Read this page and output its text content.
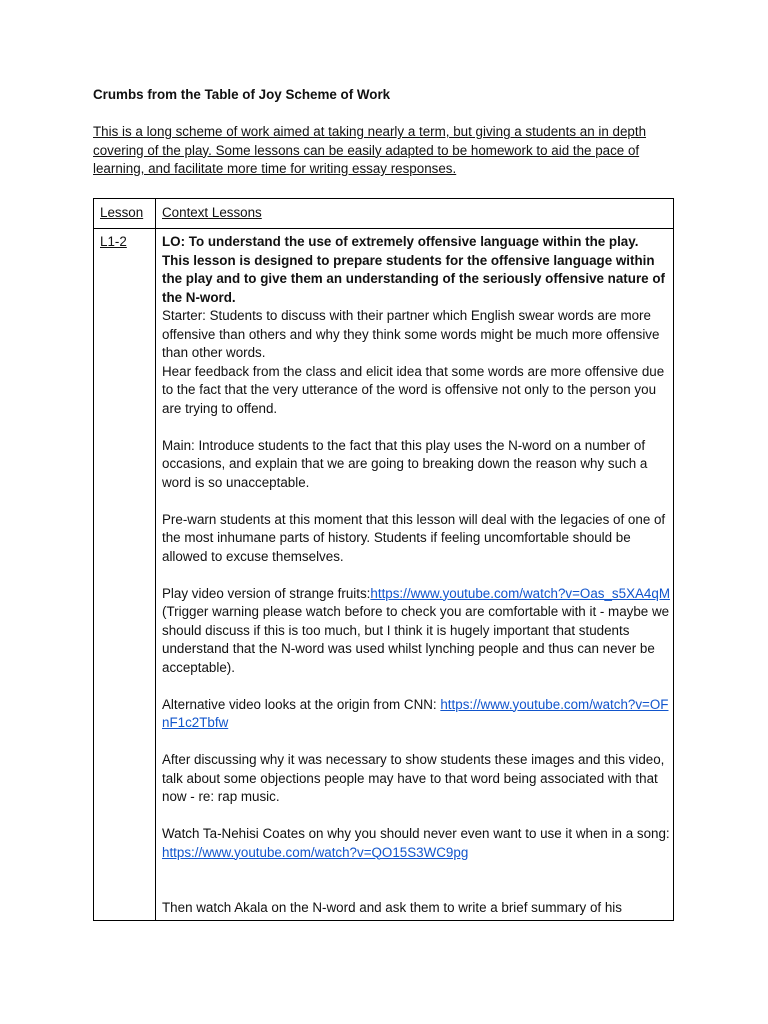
Crumbs from the Table of Joy Scheme of Work

This is a long scheme of work aimed at taking nearly a term, but giving a students an in depth covering of the play. Some lessons can be easily adapted to be homework to aid the pace of learning, and facilitate more time for writing essay responses.

Lesson Context Lessons
L1-2	LO: To understand the use of extremely offensive language within the play.

This lesson is designed to prepare students for the offensive language within the play and to give them an understanding of the seriously offensive nature of the N-word.

Starter: Students to discuss with their partner which English swear words are more offensive than others and why they think some words might be much more offensive than other words.

Hear feedback from the class and elicit idea that some words are more offensive due to the fact that the very utterance of the word is offensive not only to the person you are trying to offend.

Main: Introduce students to the fact that this play uses the N-word on a number of occasions, and explain that we are going to breaking down the reason why such a word is so unacceptable.

Pre-warn students at this moment that this lesson will deal with the legacies of one of the most inhumane parts of history. Students if feeling uncomfortable should be allowed to excuse themselves.

Play video version of strange fruits:https://www.youtube.com/watch?v=Oas_s5XA4qM (Trigger warning please watch before to check you are comfortable with it - maybe we should discuss if this is too much, but I think it is hugely important that students understand that the N-word was used whilst lynching people and thus can never be acceptable).

Alternative video looks at the origin from CNN: https://www.youtube.com/watch?v=OFnF1c2Tbfw

After discussing why it was necessary to show students these images and this video, talk about some objections people may have to that word being associated with that now - re: rap music.

Watch Ta-Nehisi Coates on why you should never even want to use it when in a song: https://www.youtube.com/watch?v=QO15S3WC9pg

Then watch Akala on the N-word and ask them to write a brief summary of his
